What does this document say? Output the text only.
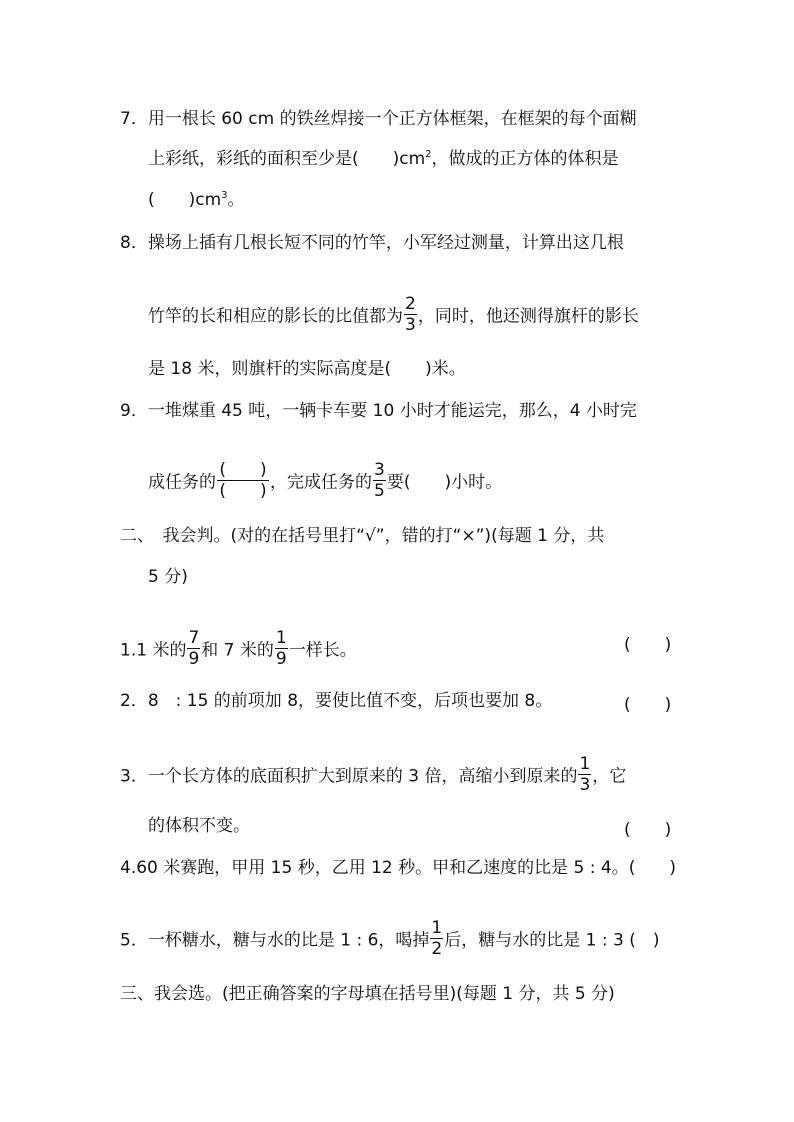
7．用一根长 60 cm 的铁丝焊接一个正方体框架，在框架的每个面糊
上彩纸，彩纸的面积至少是(　　)$cm^2$，做成的正方体的体积是
(　　)$cm^3$。
8．操场上插有几根长短不同的竹竿，小军经过测量，计算出这几根
竹竿的长和相应的影长的比值都为 $\frac{2}{3}$ ，同时，他还测得旗杆的影长
是 18 米，则旗杆的实际高度是(　　)米。
9．一堆煤重 45 吨，一辆卡车要 10 小时才能运完，那么，4 小时完
成任务的 $\frac{( )}{( )}$ ，完成任务的 $\frac{3}{5}$ 要(　　)小时。
二、　我会判。(对的在括号里打“√”，错的打“×”)(每题 1 分，共
5 分)
1.1 米的 $\frac{7}{9}$ 和 7 米的 $\frac{1}{9}$ 一样长。	(　　)
2．8　: 15 的前项加 8，要使比值不变，后项也要加 8。	(　　)
3．一个长方体的底面积扩大到原来的 3 倍，高缩小到原来的 $\frac{1}{3}$ ，它
的体积不变。	(　　)
4.60 米赛跑，甲用 15 秒，乙用 12 秒。甲和乙速度的比是 5 : 4。(　　)
5．一杯糖水，糖与水的比是 1 : 6，喝掉 $\frac{1}{2}$ 后，糖与水的比是 1 : 3 (　)
三、我会选。(把正确答案的字母填在括号里)(每题 1 分，共 5 分)
